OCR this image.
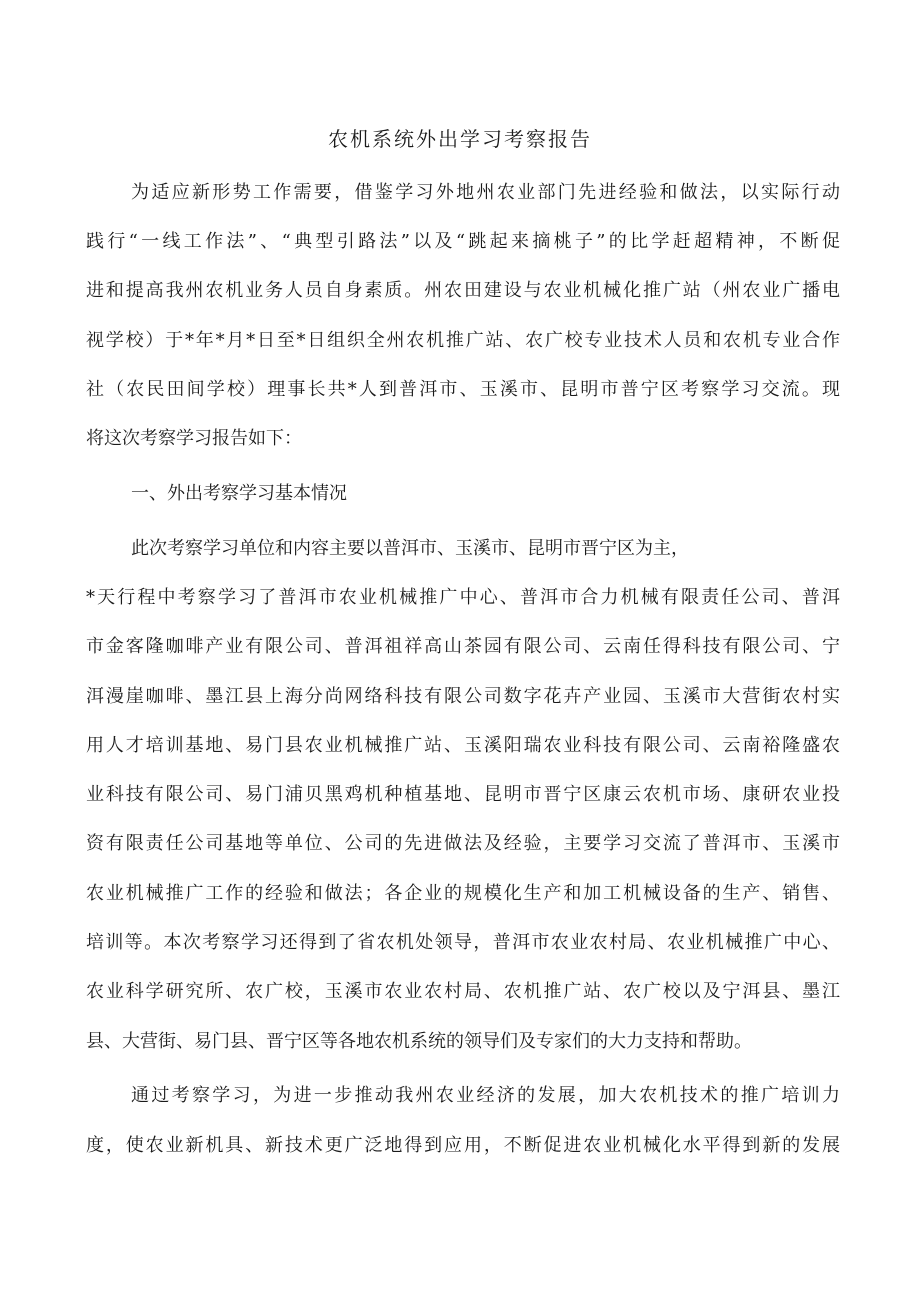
农机系统外出学习考察报告

为适应新形势工作需要，借鉴学习外地州农业部门先进经验和做法，以实际行动

践行“一线工作法”、“典型引路法”以及“跳起来摘桃子”的比学赶超精神，不断促

进和提高我州农机业务人员自身素质。州农田建设与农业机械化推广站（州农业广播电

视学校）于*年*月*日至*日组织全州农机推广站、农广校专业技术人员和农机专业合作

社（农民田间学校）理事长共*人到普洱市、玉溪市、昆明市普宁区考察学习交流。现

将这次考察学习报告如下：

一、外出考察学习基本情况

此次考察学习单位和内容主要以普洱市、玉溪市、昆明市晋宁区为主，

*天行程中考察学习了普洱市农业机械推广中心、普洱市合力机械有限责任公司、普洱

市金客隆咖啡产业有限公司、普洱祖祥高山茶园有限公司、云南任得科技有限公司、宁

洱漫崖咖啡、墨江县上海分尚网络科技有限公司数字花卉产业园、玉溪市大营街农村实

用人才培训基地、易门县农业机械推广站、玉溪阳瑞农业科技有限公司、云南裕隆盛农

业科技有限公司、易门浦贝黑鸡机种植基地、昆明市晋宁区康云农机市场、康研农业投

资有限责任公司基地等单位、公司的先进做法及经验，主要学习交流了普洱市、玉溪市

农业机械推广工作的经验和做法；各企业的规模化生产和加工机械设备的生产、销售、

培训等。本次考察学习还得到了省农机处领导，普洱市农业农村局、农业机械推广中心、

农业科学研究所、农广校，玉溪市农业农村局、农机推广站、农广校以及宁洱县、墨江

县、大营街、易门县、晋宁区等各地农机系统的领导们及专家们的大力支持和帮助。

通过考察学习，为进一步推动我州农业经济的发展，加大农机技术的推广培训力

度，使农业新机具、新技术更广泛地得到应用，不断促进农业机械化水平得到新的发展
